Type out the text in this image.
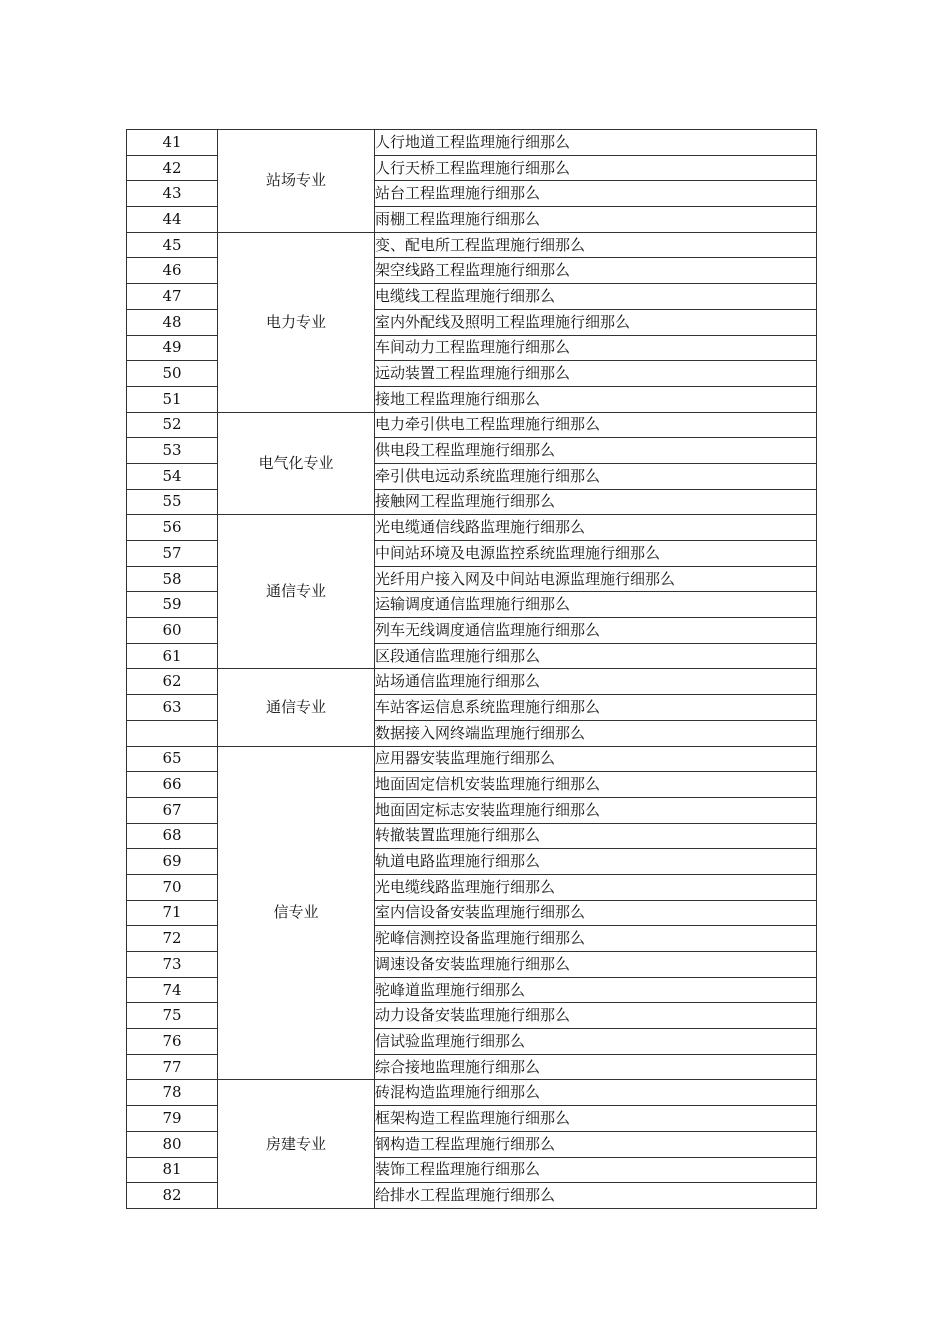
41	站场专业	人行地道工程监理施行细那么
42		人行天桥工程监理施行细那么
43		站台工程监理施行细那么
44		雨棚工程监理施行细那么
45	电力专业	变、配电所工程监理施行细那么
46		架空线路工程监理施行细那么
47		电缆线工程监理施行细那么
48		室内外配线及照明工程监理施行细那么
49		车间动力工程监理施行细那么
50		远动装置工程监理施行细那么
51		接地工程监理施行细那么
52	电气化专业	电力牵引供电工程监理施行细那么
53		供电段工程监理施行细那么
54		牵引供电远动系统监理施行细那么
55		接触网工程监理施行细那么
56	通信专业	光电缆通信线路监理施行细那么
57		中间站环境及电源监控系统监理施行细那么
58		光纤用户接入网及中间站电源监理施行细那么
59		运输调度通信监理施行细那么
60		列车无线调度通信监理施行细那么
61		区段通信监理施行细那么
62	通信专业	站场通信监理施行细那么
63		车站客运信息系统监理施行细那么
		数据接入网终端监理施行细那么
65	信专业	应用器安装监理施行细那么
66		地面固定信机安装监理施行细那么
67		地面固定标志安装监理施行细那么
68		转撤装置监理施行细那么
69		轨道电路监理施行细那么
70		光电缆线路监理施行细那么
71		室内信设备安装监理施行细那么
72		驼峰信测控设备监理施行细那么
73		调速设备安装监理施行细那么
74		驼峰道监理施行细那么
75		动力设备安装监理施行细那么
76		信试验监理施行细那么
77		综合接地监理施行细那么
78	房建专业	砖混构造监理施行细那么
79		框架构造工程监理施行细那么
80		钢构造工程监理施行细那么
81		装饰工程监理施行细那么
82		给排水工程监理施行细那么
